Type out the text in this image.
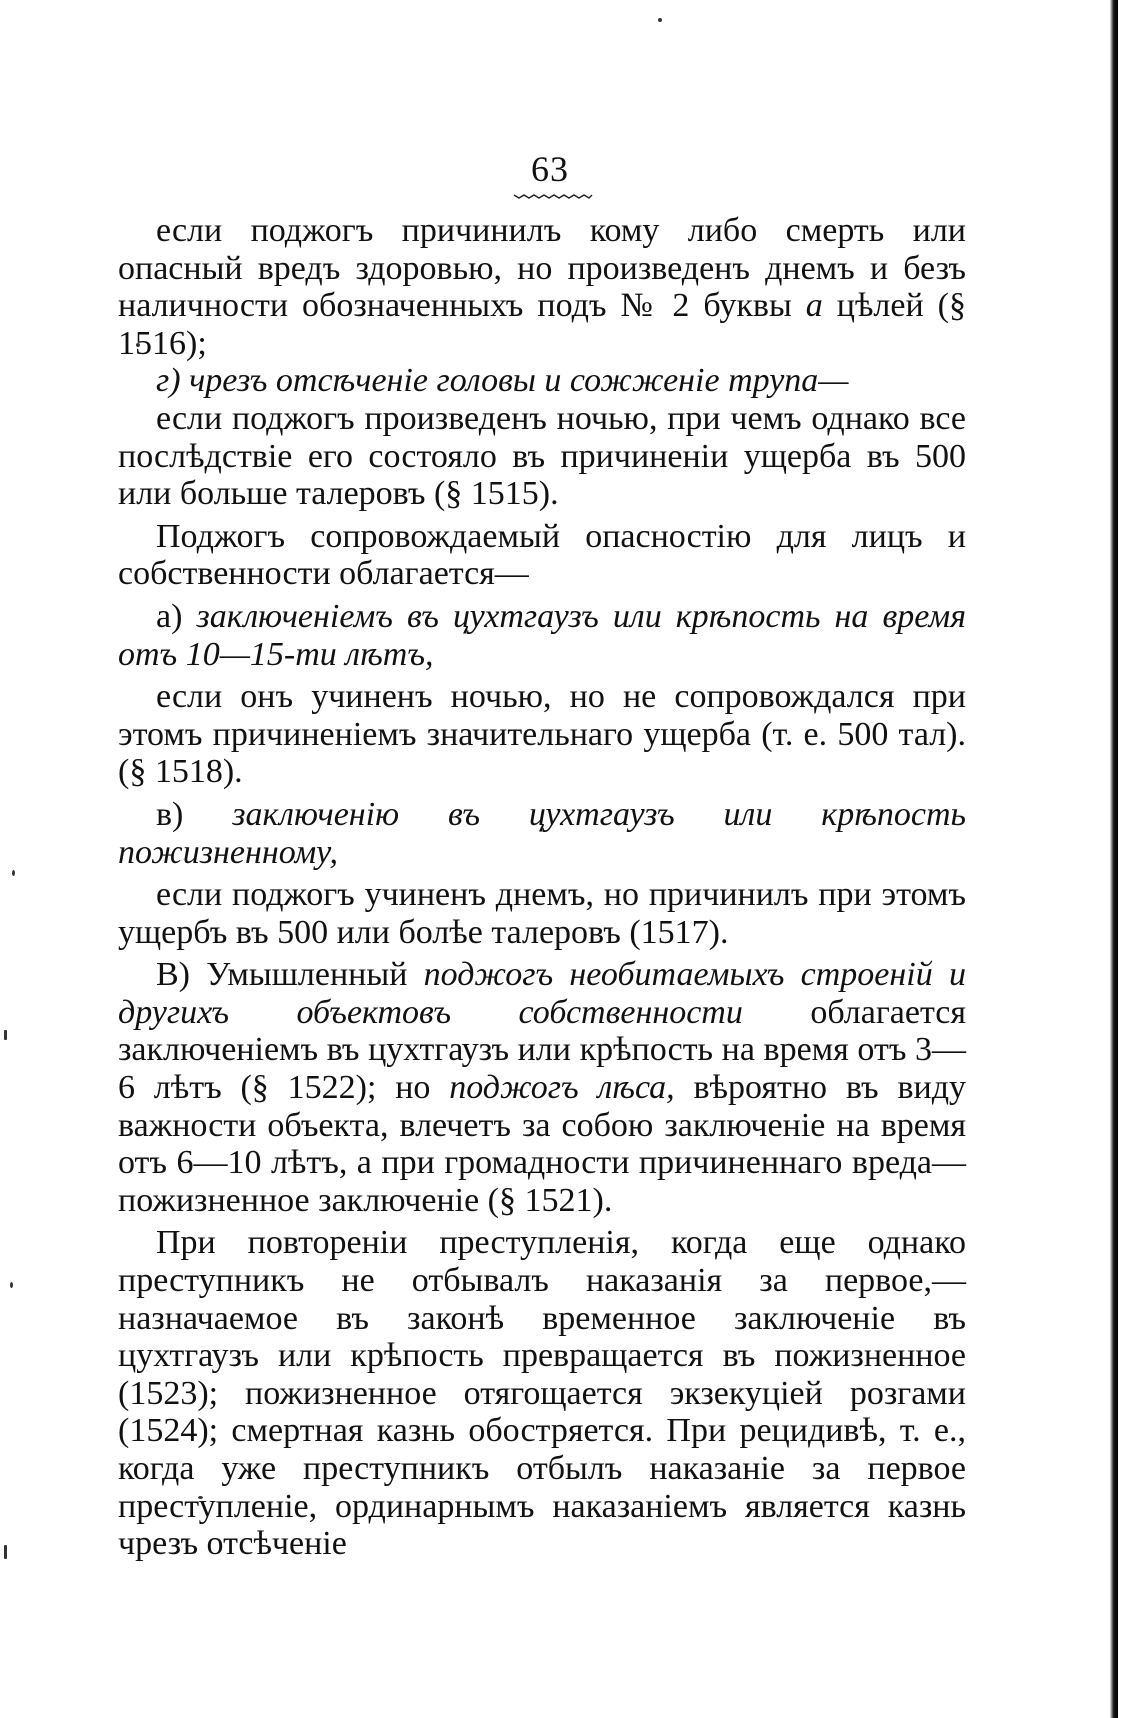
63

если поджогъ причинилъ кому либо смерть или опасный вредъ здоровью, но произведенъ днемъ и безъ наличности обозначенныхъ подъ № 2 буквы а цѣлей (§ 1516);

г) чрезъ отсѣченіе головы и сожженіе трупа—

если поджогъ произведенъ ночью, при чемъ однако все послѣдствіе его состояло въ причиненіи ущерба въ 500 или больше талеровъ (§ 1515).

Поджогъ сопровождаемый опасностію для лицъ и собственности облагается—

а) заключеніемъ въ цухтгаузъ или крѣпость на время отъ 10—15-ти лѣтъ,

если онъ учиненъ ночью, но не сопровождался при этомъ причиненіемъ значительнаго ущерба (т. е. 500 тал). (§ 1518).

в) заключенію въ цухтгаузъ или крѣпость пожизненному,

если поджогъ учиненъ днемъ, но причинилъ при этомъ ущербъ въ 500 или болѣе талеровъ (1517).

В) Умышленный поджогъ необитаемыхъ строеній и другихъ объектовъ собственности облагается заключеніемъ въ цухтгаузъ или крѣпость на время отъ 3—6 лѣтъ (§ 1522); но поджогъ лѣса, вѣроятно въ виду важности объекта, влечетъ за собою заключеніе на время отъ 6—10 лѣтъ, а при громадности причиненнаго вреда—пожизненное заключеніе (§ 1521).

При повтореніи преступленія, когда еще однако преступникъ не отбывалъ наказанія за первое,—назначаемое въ законѣ временное заключеніе въ цухтгаузъ или крѣпость превращается въ пожизненное (1523); пожизненное отягощается экзекуціей розгами (1524); смертная казнь обостряется. При рецидивѣ, т. е., когда уже преступникъ отбылъ наказаніе за первое преступленіе, ординарнымъ наказаніемъ является казнь чрезъ отсѣченіе
